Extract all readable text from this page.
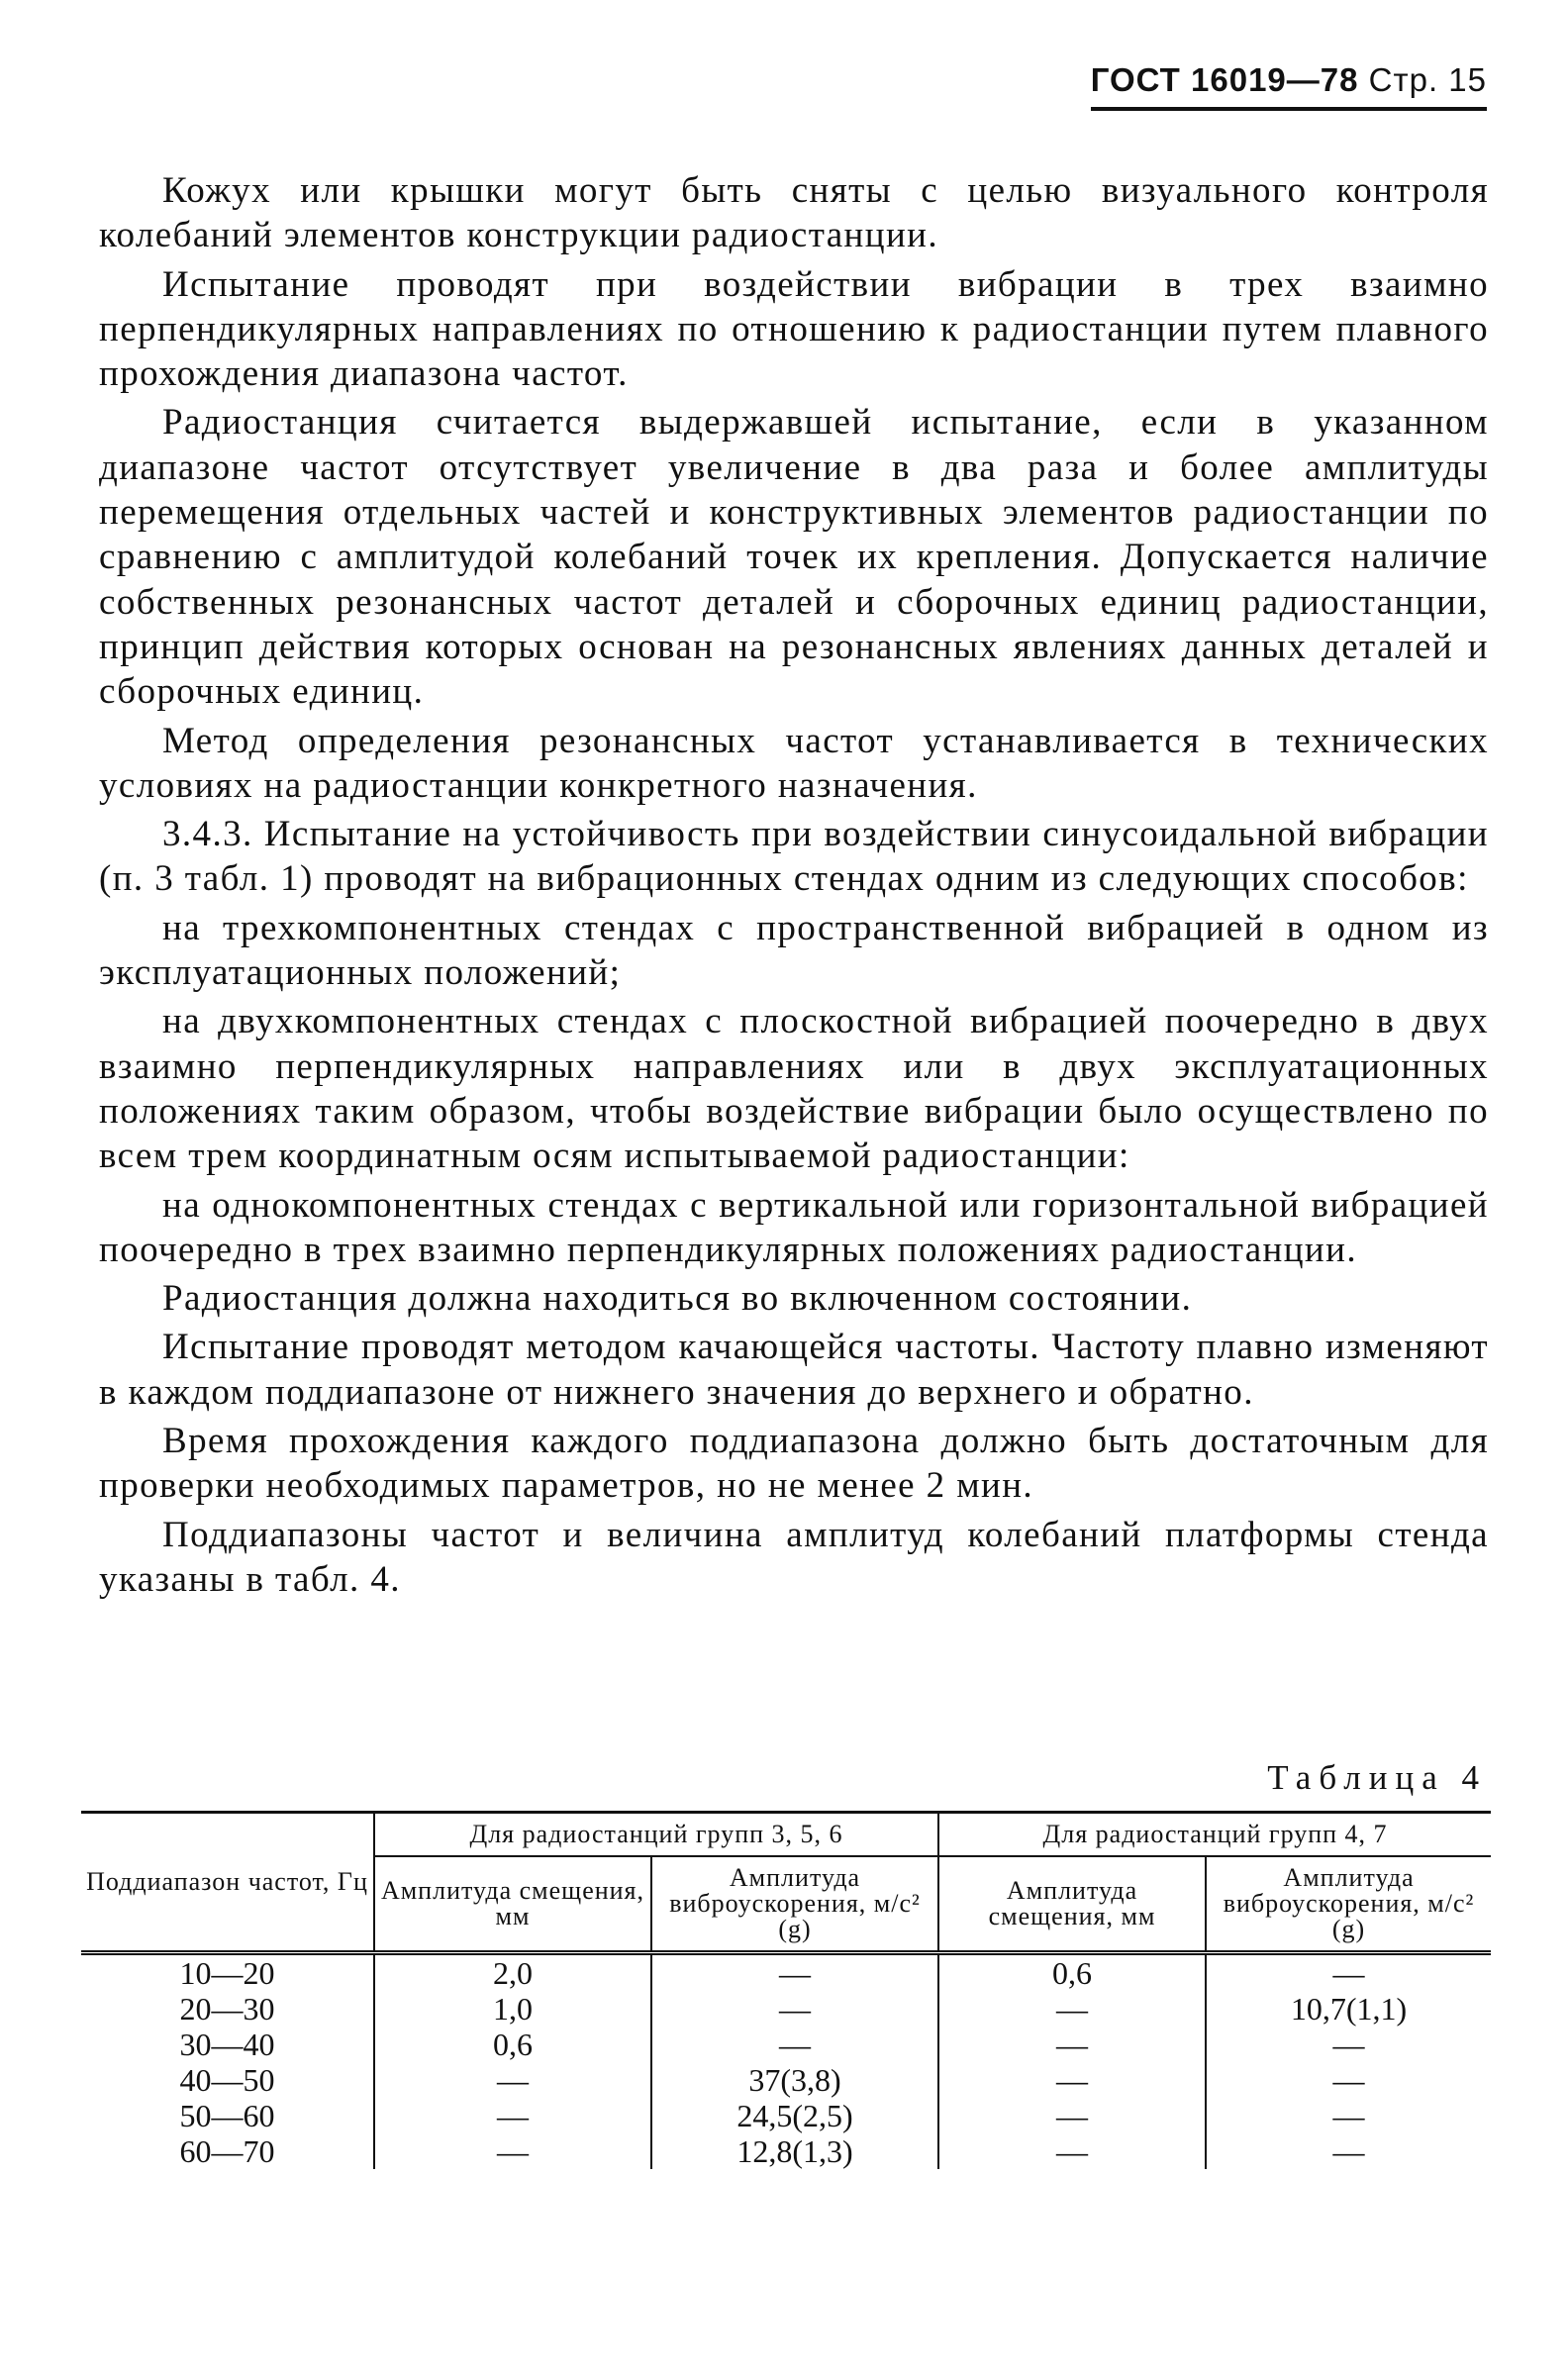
ГОСТ 16019—78 Стр. 15

Кожух или крышки могут быть сняты с целью визуального контроля колебаний элементов конструкции радиостанции.

Испытание проводят при воздействии вибрации в трех взаимно перпендикулярных направлениях по отношению к радиостанции путем плавного прохождения диапазона частот.

Радиостанция считается выдержавшей испытание, если в указанном диапазоне частот отсутствует увеличение в два раза и более амплитуды перемещения отдельных частей и конструктивных элементов радиостанции по сравнению с амплитудой колебаний точек их крепления. Допускается наличие собственных резонансных частот деталей и сборочных единиц радиостанции, принцип действия которых основан на резонансных явлениях данных деталей и сборочных единиц.

Метод определения резонансных частот устанавливается в технических условиях на радиостанции конкретного назначения.

3.4.3. Испытание на устойчивость при воздействии синусоидальной вибрации (п. 3 табл. 1) проводят на вибрационных стендах одним из следующих способов:

на трехкомпонентных стендах с пространственной вибрацией в одном из эксплуатационных положений;

на двухкомпонентных стендах с плоскостной вибрацией поочередно в двух взаимно перпендикулярных направлениях или в двух эксплуатационных положениях таким образом, чтобы воздействие вибрации было осуществлено по всем трем координатным осям испытываемой радиостанции:

на однокомпонентных стендах с вертикальной или горизонтальной вибрацией поочередно в трех взаимно перпендикулярных положениях радиостанции.

Радиостанция должна находиться во включенном состоянии.

Испытание проводят методом качающейся частоты. Частоту плавно изменяют в каждом поддиапазоне от нижнего значения до верхнего и обратно.

Время прохождения каждого поддиапазона должно быть достаточным для проверки необходимых параметров, но не менее 2 мин.

Поддиапазоны частот и величина амплитуд колебаний платформы стенда указаны в табл. 4.

Таблица 4
Поддиапазон частот, Гц	Для радиостанций групп 3, 5, 6		Для радиостанций групп 4, 7	
	Амплитуда смещения, мм	Амплитуда виброускорения, м/с² (g)	Амплитуда смещения, мм	Амплитуда виброускорения, м/с² (g)

10—20	2,0	—	0,6	—
20—30	1,0	—	—	10,7(1,1)
30—40	0,6	—	—	—
40—50	—	37(3,8)	—	—
50—60	—	24,5(2,5)	—	—
60—70	—	12,8(1,3)	—	—
